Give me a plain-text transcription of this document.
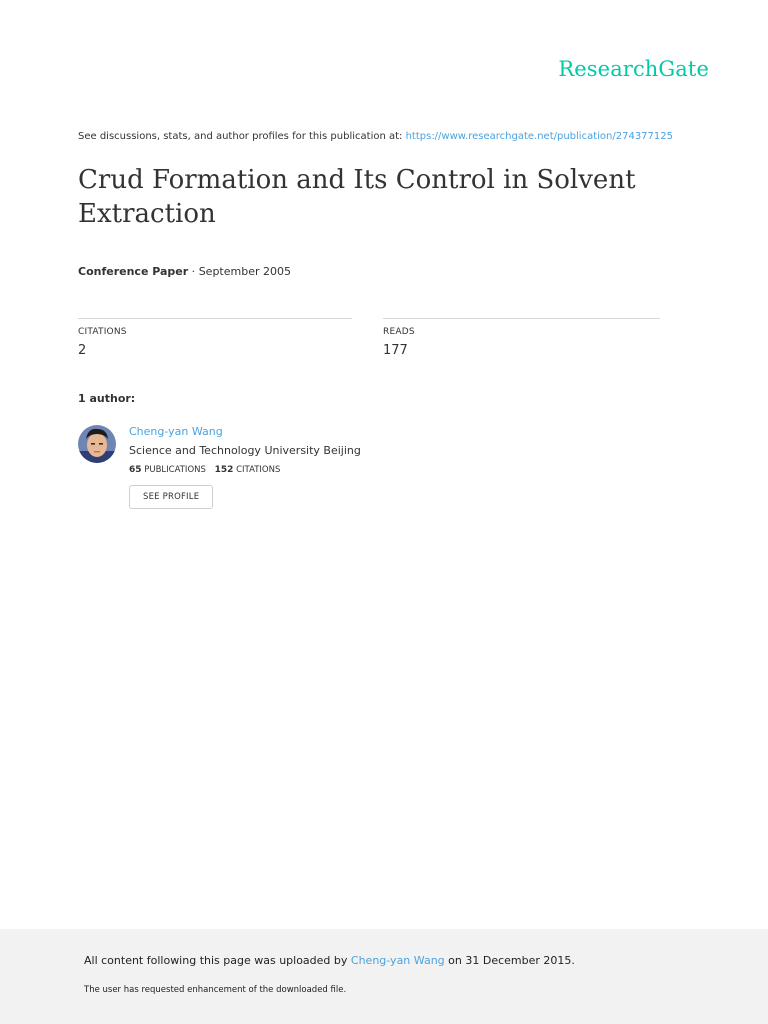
ResearchGate
See discussions, stats, and author profiles for this publication at: https://www.researchgate.net/publication/274377125
Crud Formation and Its Control in Solvent Extraction
Conference Paper · September 2005
CITATIONS
2
READS
177
1 author:
Cheng-yan Wang
Science and Technology University Beijing
65 PUBLICATIONS 152 CITATIONS
SEE PROFILE
All content following this page was uploaded by Cheng-yan Wang on 31 December 2015.
The user has requested enhancement of the downloaded file.
